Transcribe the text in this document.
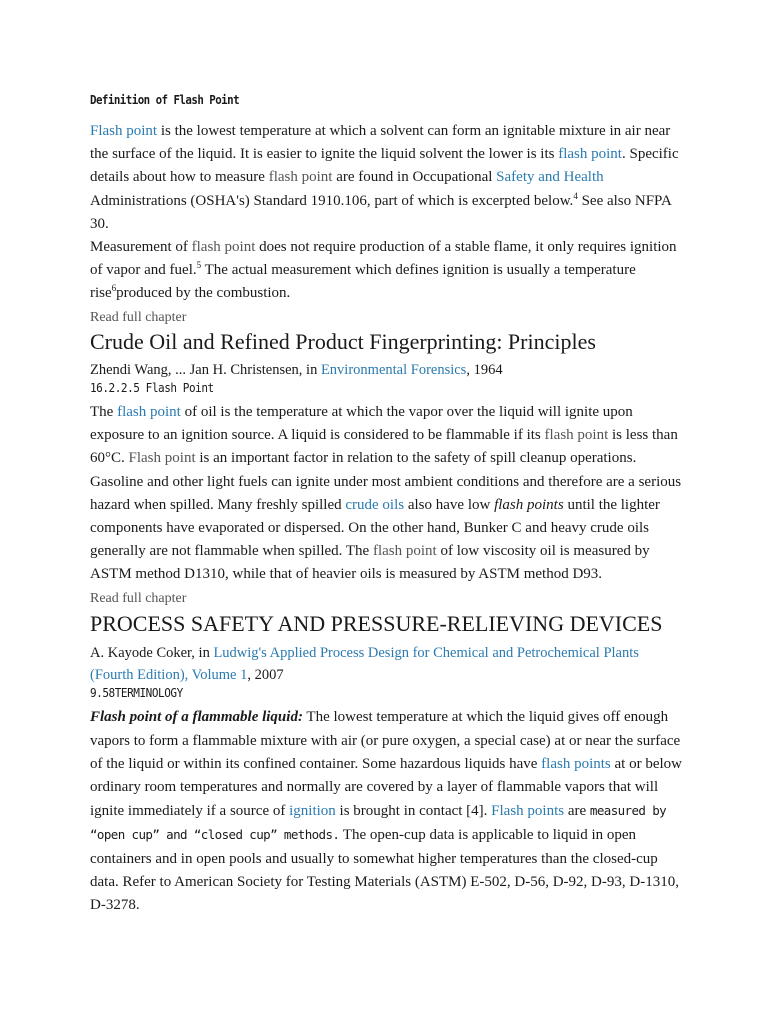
Definition of Flash Point

Flash point is the lowest temperature at which a solvent can form an ignitable mixture in air near the surface of the liquid. It is easier to ignite the liquid solvent the lower is its flash point. Specific details about how to measure flash point are found in Occupational Safety and Health Administrations (OSHA's) Standard 1910.106, part of which is excerpted below.$^4$ See also NFPA 30.

Measurement of flash point does not require production of a stable flame, it only requires ignition of vapor and fuel.$^5$ The actual measurement which defines ignition is usually a temperature rise$^6$produced by the combustion.

Read full chapter
Crude Oil and Refined Product Fingerprinting: Principles
Zhendi Wang, ... Jan H. Christensen, in Environmental Forensics, 1964
16.2.2.5 Flash Point

The flash point of oil is the temperature at which the vapor over the liquid will ignite upon exposure to an ignition source. A liquid is considered to be flammable if its flash point is less than 60°C. Flash point is an important factor in relation to the safety of spill cleanup operations. Gasoline and other light fuels can ignite under most ambient conditions and therefore are a serious hazard when spilled. Many freshly spilled crude oils also have low flash points until the lighter components have evaporated or dispersed. On the other hand, Bunker C and heavy crude oils generally are not flammable when spilled. The flash point of low viscosity oil is measured by ASTM method D1310, while that of heavier oils is measured by ASTM method D93.

Read full chapter
PROCESS SAFETY AND PRESSURE-RELIEVING DEVICES
A. Kayode Coker, in Ludwig's Applied Process Design for Chemical and Petrochemical Plants (Fourth Edition), Volume 1, 2007
9.58TERMINOLOGY

Flash point of a flammable liquid: The lowest temperature at which the liquid gives off enough vapors to form a flammable mixture with air (or pure oxygen, a special case) at or near the surface of the liquid or within its confined container. Some hazardous liquids have flash points at or below ordinary room temperatures and normally are covered by a layer of flammable vapors that will ignite immediately if a source of ignition is brought in contact [4]. Flash points are measured by “open cup” and “closed cup” methods. The open-cup data is applicable to liquid in open containers and in open pools and usually to somewhat higher temperatures than the closed-cup data. Refer to American Society for Testing Materials (ASTM) E-502, D-56, D-92, D-93, D-1310, D-3278.
